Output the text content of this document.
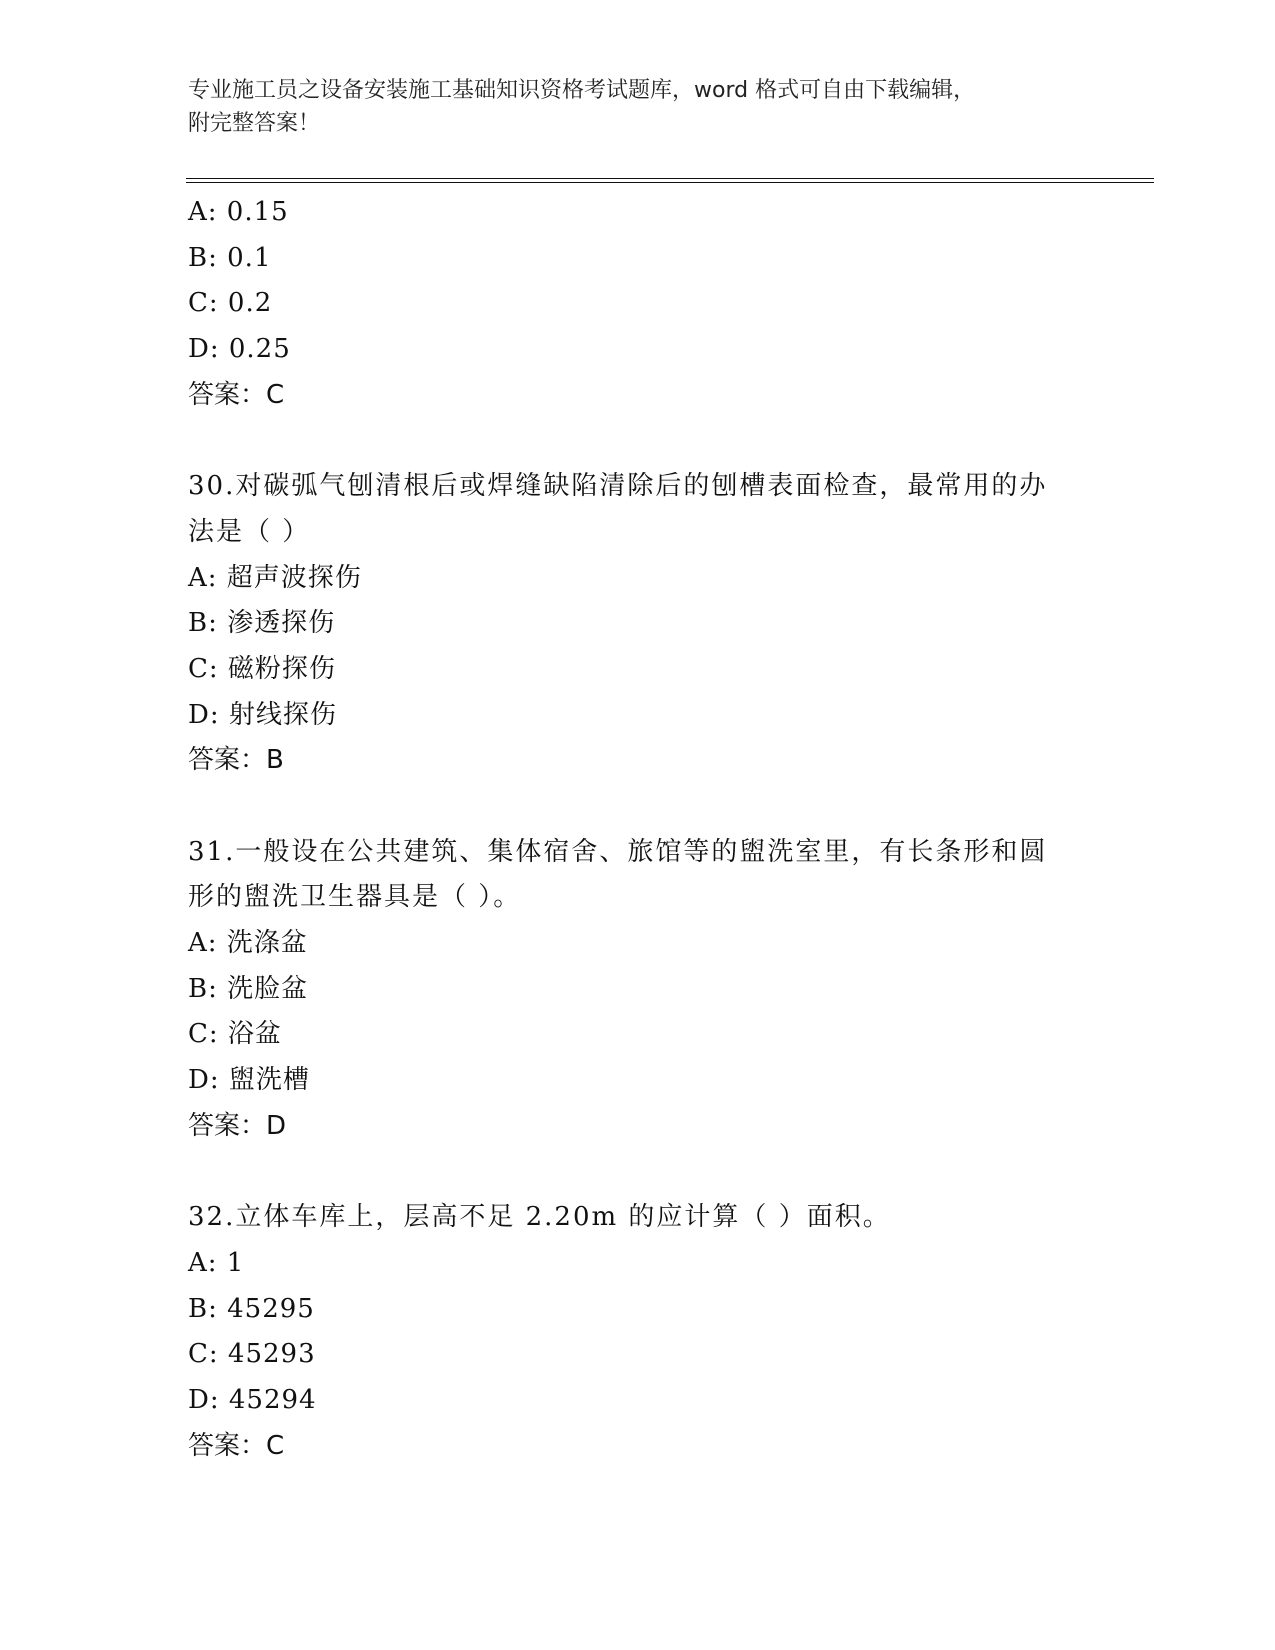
专业施工员之设备安装施工基础知识资格考试题库，word 格式可自由下载编辑，
附完整答案！
A: 0.15
B: 0.1
C: 0.2
D: 0.25
答案：C
30.对碳弧气刨清根后或焊缝缺陷清除后的刨槽表面检查，最常用的办
法是（ ）
A: 超声波探伤
B: 渗透探伤
C: 磁粉探伤
D: 射线探伤
答案：B
31.一般设在公共建筑、集体宿舍、旅馆等的盥洗室里，有长条形和圆
形的盥洗卫生器具是（ ）。
A: 洗涤盆
B: 洗脸盆
C: 浴盆
D: 盥洗槽
答案：D
32.立体车库上，层高不足 2.20m 的应计算（ ）面积。
A: 1
B: 45295
C: 45293
D: 45294
答案：C
